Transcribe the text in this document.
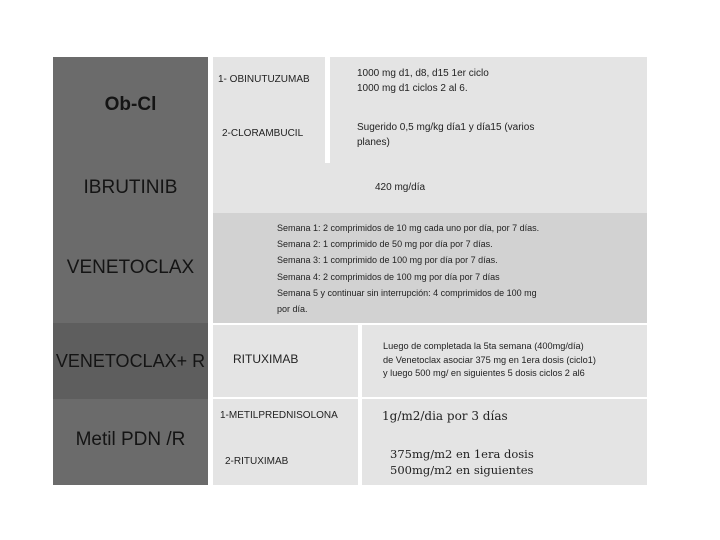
Ob-Cl
1- OBINUTUZUMAB
2-CLORAMBUCIL
1000 mg d1, d8, d15 1er ciclo
1000 mg d1 ciclos 2 al 6.
Sugerido 0,5 mg/kg día1 y día15 (varios
planes)
IBRUTINIB	420 mg/día
VENETOCLAX
Semana 1: 2 comprimidos de 10 mg cada uno por día, por 7 días.
Semana 2: 1 comprimido de 50 mg por día por 7 días.
Semana 3: 1 comprimido de 100 mg por día por 7 días.
Semana 4: 2 comprimidos de 100 mg por día por 7 días
Semana 5 y continuar sin interrupción: 4 comprimidos de 100 mg
por día.
VENETOCLAX+ R RITUXIMAB
Luego de completada la 5ta semana (400mg/día)
de Venetoclax asociar 375 mg en 1era dosis (ciclo1)
y luego 500 mg/ en siguientes 5 dosis ciclos 2 al6
Metil PDN /R
1-METILPREDNISOLONA
2-RITUXIMAB
1g/m2/dia por 3 días
375mg/m2 en 1era dosis
500mg/m2 en siguientes
